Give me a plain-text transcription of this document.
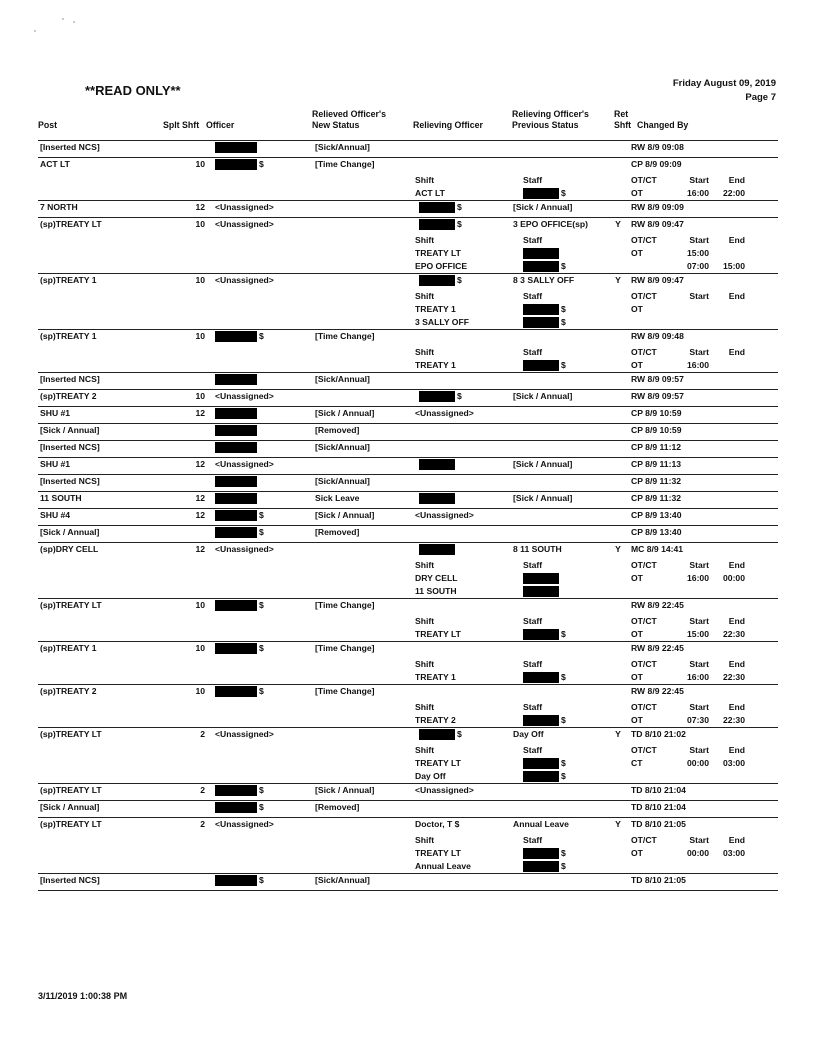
**READ ONLY**	Friday August 09, 2019
Page 7
Post	Splt Shft Officer
Relieved Officer's
New Status	Relieving Officer
Relieving Officer's
Previous Status
Ret
Shft Changed By
[Inserted NCS]			[Sick/Annual]				RW 8/9 09:08
ACT LT	10	$	[Time Change]				CP 8/9 09:09
				Shift	Staff		OT/CT Start End
				ACT LT	$		OT 16:00 22:00
7 NORTH	12	<Unassigned>		$	[Sick / Annual]		RW 8/9 09:09
(sp)TREATY LT	10	<Unassigned>		$	3 EPO OFFICE(sp)	Y	RW 8/9 09:47
				Shift	Staff		OT/CT Start End
				TREATY LT			OT 15:00
				EPO OFFICE	$		07:00 15:00
(sp)TREATY 1	10	<Unassigned>		$	8 3 SALLY OFF	Y	RW 8/9 09:47
				Shift	Staff		OT/CT Start End
				TREATY 1	$		OT
				3 SALLY OFF	$		
(sp)TREATY 1	10	$	[Time Change]				RW 8/9 09:48
				Shift	Staff		OT/CT Start End
				TREATY 1	$		OT 16:00
[Inserted NCS]			[Sick/Annual]				RW 8/9 09:57
(sp)TREATY 2	10	<Unassigned>		$	[Sick / Annual]		RW 8/9 09:57
SHU #1	12		[Sick / Annual]	<Unassigned>			CP 8/9 10:59
[Sick / Annual]			[Removed]				CP 8/9 10:59
[Inserted NCS]			[Sick/Annual]				CP 8/9 11:12
SHU #1	12	<Unassigned>			[Sick / Annual]		CP 8/9 11:13
[Inserted NCS]			[Sick/Annual]				CP 8/9 11:32
11 SOUTH	12		Sick Leave		[Sick / Annual]		CP 8/9 11:32
SHU #4	12	$	[Sick / Annual]	<Unassigned>			CP 8/9 13:40
[Sick / Annual]		$	[Removed]				CP 8/9 13:40
(sp)DRY CELL	12	<Unassigned>			8 11 SOUTH	Y	MC 8/9 14:41
				Shift	Staff		OT/CT Start End
				DRY CELL			OT 16:00 00:00
				11 SOUTH			
(sp)TREATY LT	10	$	[Time Change]				RW 8/9 22:45
				Shift	Staff		OT/CT Start End
				TREATY LT	$		OT 15:00 22:30
(sp)TREATY 1	10	$	[Time Change]				RW 8/9 22:45
				Shift	Staff		OT/CT Start End
				TREATY 1	$		OT 16:00 22:30
(sp)TREATY 2	10	$	[Time Change]				RW 8/9 22:45
				Shift	Staff		OT/CT Start End
				TREATY 2	$		OT 07:30 22:30
(sp)TREATY LT	2	<Unassigned>		$	Day Off	Y	TD 8/10 21:02
				Shift	Staff		OT/CT Start End
				TREATY LT	$		CT 00:00 03:00
				Day Off	$		
(sp)TREATY LT	2	$	[Sick / Annual]	<Unassigned>			TD 8/10 21:04
[Sick / Annual]		$	[Removed]				TD 8/10 21:04
(sp)TREATY LT	2	<Unassigned>		Doctor, T $	Annual Leave	Y	TD 8/10 21:05
				Shift	Staff		OT/CT Start End
				TREATY LT	$		OT 00:00 03:00
				Annual Leave	$		
[Inserted NCS]		$	[Sick/Annual]				TD 8/10 21:05

3/11/2019 1:00:38 PM
